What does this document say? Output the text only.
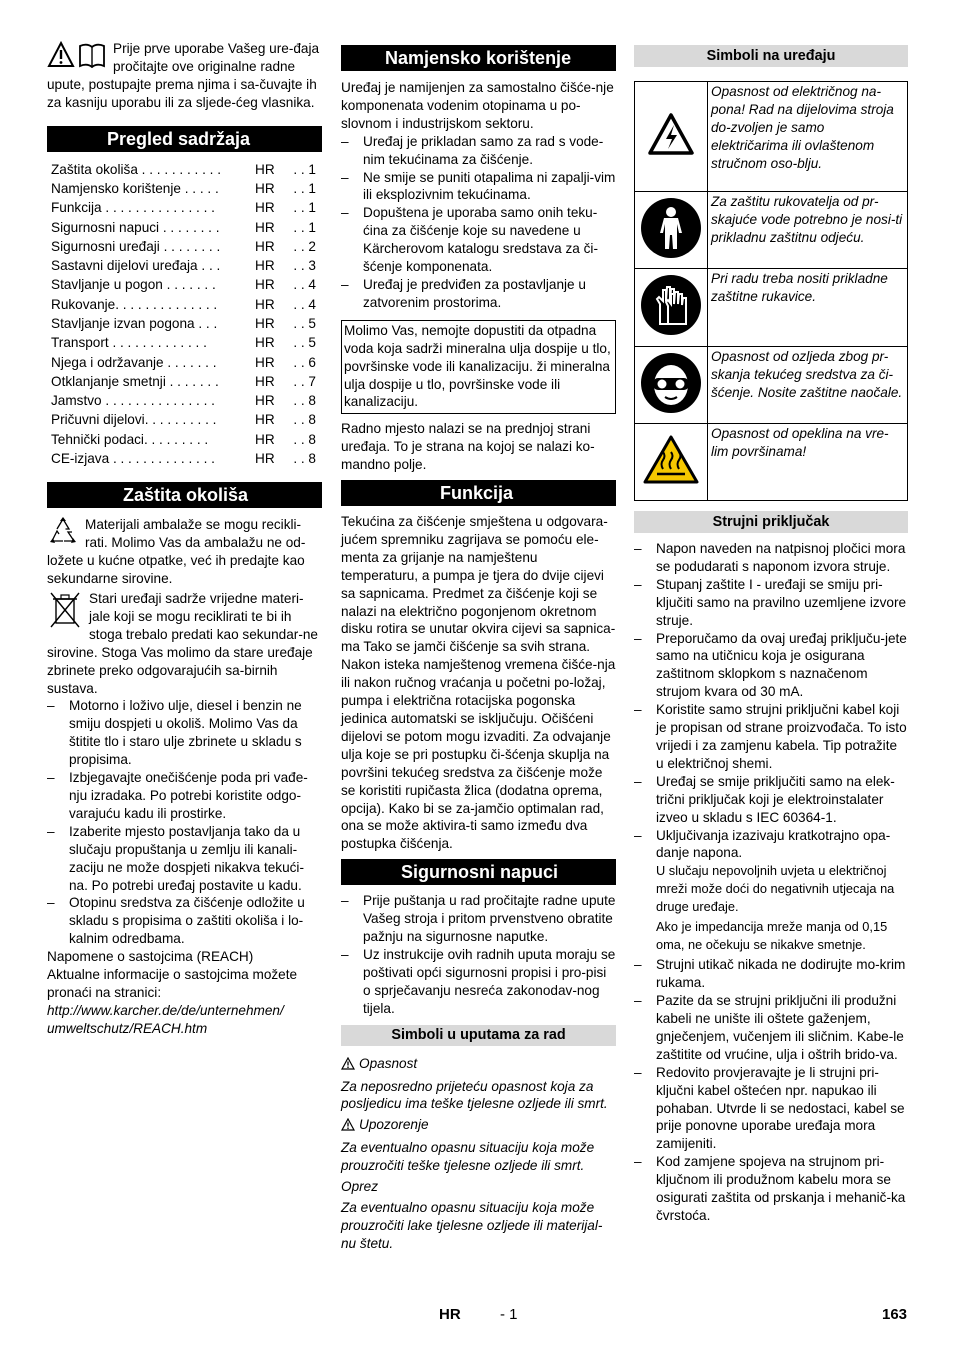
Prije prve uporabe Vašeg ure-đaja pročitajte ove originalne radne upute, postupajte prema njima i sa-čuvajte ih za kasniju uporabu ili za sljede-ćeg vlasnika.

Pregled sadržaja
Zaštita okoliša . . . . . . . . . . .	HR	. . 1
Namjensko korištenje . . . . .	HR	. . 1
Funkcija . . . . . . . . . . . . . . .	HR	. . 1
Sigurnosni napuci . . . . . . . .	HR	. . 1
Sigurnosni uređaji . . . . . . . .	HR	. . 2
Sastavni dijelovi uređaja . . .	HR	. . 3
Stavljanje u pogon . . . . . . .	HR	. . 4
Rukovanje. . . . . . . . . . . . . .	HR	. . 4
Stavljanje izvan pogona . . .	HR	. . 5
Transport . . . . . . . . . . . . .	HR	. . 5
Njega i održavanje . . . . . . .	HR	. . 6
Otklanjanje smetnji . . . . . . .	HR	. . 7
Jamstvo . . . . . . . . . . . . . . .	HR	. . 8
Pričuvni dijelovi. . . . . . . . . .	HR	. . 8
Tehnički podaci. . . . . . . . .	HR	. . 8
CE-izjava . . . . . . . . . . . . . .	HR	. . 8
Zaštita okoliša

Materijali ambalaže se mogu recikli-rati. Molimo Vas da ambalažu ne od-ložete u kućne otpatke, već ih predajte kao sekundarne sirovine.

Stari uređaji sadrže vrijedne materi-jale koji se mogu reciklirati te bi ih stoga trebalo predati kao sekundar-ne sirovine. Stoga Vas molimo da stare uređaje zbrinete preko odgovarajućih sa-birnih sustava.

– Motorno i loživo ulje, diesel i benzin ne smiju dospjeti u okoliš. Molimo Vas da štitite tlo i staro ulje zbrinete u skladu s propisima.
– Izbjegavajte onečišćenje poda pri vađe-nju izradaka. Po potrebi koristite odgo-varajuću kadu ili prostirke.
– Izaberite mjesto postavljanja tako da u slučaju propuštanja u zemlju ili kanali-zaciju ne može dospjeti nikakva tekući-na. Po potrebi uređaj postavite u kadu.
– Otopinu sredstva za čišćenje odložite u skladu s propisima o zaštiti okoliša i lo-kalnim odredbama.

Napomene o sastojcima (REACH)

Aktualne informacije o sastojcima možete pronaći na stranici:

http://www.karcher.de/de/unternehmen/ umweltschutz/REACH.htm

Namjensko korištenje

Uređaj je namijenjen za samostalno čišće-nje komponenata vodenim otopinama u po-slovnom i industrijskom sektoru.

– Uređaj je prikladan samo za rad s vode-nim tekućinama za čišćenje.
– Ne smije se puniti otapalima ni zapalji-vim ili eksplozivnim tekućinama.
– Dopuštena je uporaba samo onih teku-ćina za čišćenje koje su navedene u Kärcherovom katalogu sredstava za či-šćenje komponenata.
– Uređaj je predviđen za postavljanje u zatvorenim prostorima.

Molimo Vas, nemojte dopustiti da otpadna voda koja sadrži mineralna ulja dospije u tlo, površinske vode ili kanalizaciju. ži mineralna ulja dospije u tlo, površinske vode ili kanalizaciju.

Radno mjesto nalazi se na prednjoj strani uređaja. To je strana na kojoj se nalazi ko-mandno polje.

Funkcija

Tekućina za čišćenje smještena u odgovara-jućem spremniku zagrijava se pomoću ele-menta za grijanje na namještenu temperaturu, a pumpa je tjera do dvije cijevi sa sapnicama. Predmet za čišćenje koji se nalazi na električno pogonjenom okretnom disku rotira se unutar okvira cijevi sa sapnica-ma Tako se jamči čišćenje sa svih strana. Nakon isteka namještenog vremena čišće-nja ili nakon ručnog vraćanja u početni po-ložaj, pumpa i električna rotacijska pogonska jedinica automatski se isključuju. Očišćeni dijelovi se potom mogu izvaditi. Za odvajanje ulja koje se pri postupku či-šćenja skuplja na površini tekućeg sredstva za čišćenje može se koristiti rupičasta žlica (dodatna oprema, opcija). Kako bi se za-jamčio optimalan rad, ona se može aktivira-ti samo između dva postupka čišćenja.

Sigurnosni napuci
– Prije puštanja u rad pročitajte radne upute Vašeg stroja i pritom prvenstveno obratite pažnju na sigurnosne naputke.
– Uz instrukcije ovih radnih uputa moraju se poštivati opći sigurnosni propisi i pro-pisi o sprječavanju nesreća zakonodav-nog tijela.
Simboli u uputama za rad

Opasnost

Za neposredno prijeteću opasnost koja za posljedicu ima teške tjelesne ozljede ili smrt.

Upozorenje

Za eventualno opasnu situaciju koja može prouzročiti teške tjelesne ozljede ili smrt.

Oprez

Za eventualno opasnu situaciju koja može prouzročiti lake tjelesne ozljede ili materijal-nu štetu.

Simboli na uređaju
	Opasnost od električnog na-pona! Rad na dijelovima stroja do-zvoljen je samo električarima ili ovlaštenom stručnom oso-blju.
	Za zaštitu rukovatelja od pr-skajuće vode potrebno je nosi-ti prikladnu zaštitnu odjeću.
	Pri radu treba nositi prikladne zaštitne rukavice.
	Opasnost od ozljeda zbog pr-skanja tekućeg sredstva za či-šćenje. Nosite zaštitne naočale.
	Opasnost od opeklina na vre-lim površinama!
Strujni priključak
– Napon naveden na natpisnoj pločici mora se podudarati s naponom izvora struje.
– Stupanj zaštite I - uređaji se smiju pri-ključiti samo na pravilno uzemljene izvore struje.
– Preporučamo da ovaj uređaj priključu-jete samo na utičnicu koja je osigurana zaštitnom sklopkom s naznačenom strujom kvara od 30 mA.
– Koristite samo strujni priključni kabel koji je propisan od strane proizvođača. To isto vrijedi i za zamjenu kabela. Tip potražite u električnoj shemi.
– Uređaj se smije priključiti samo na elek-trični priključak koji je elektroinstalater izveo u skladu s IEC 60364-1.
– Uključivanja izazivaju kratkotrajno opa-danje napona.

U slučaju nepovoljnih uvjeta u električnoj mreži može doći do negativnih utjecaja na druge uređaje.

Ako je impedancija mreže manja od 0,15 oma, ne očekuju se nikakve smetnje.

– Strujni utikač nikada ne dodirujte mo-krim rukama.
– Pazite da se strujni priključni ili produžni kabeli ne unište ili oštete gaženjem, gnječenjem, vučenjem ili sličnim. Kabe-le zaštitite od vrućine, ulja i oštrih brido-va.
– Redovito provjeravajte je li strujni pri-ključni kabel oštećen npr. napukao ili pohaban. Utvrde li se nedostaci, kabel se prije ponovne uporabe uređaja mora zamijeniti.
– Kod zamjene spojeva na strujnom pri-ključnom ili produžnom kabelu mora se osigurati zaštita od prskanja i mehanič-ka čvrstoća.
HR	- 1	163
